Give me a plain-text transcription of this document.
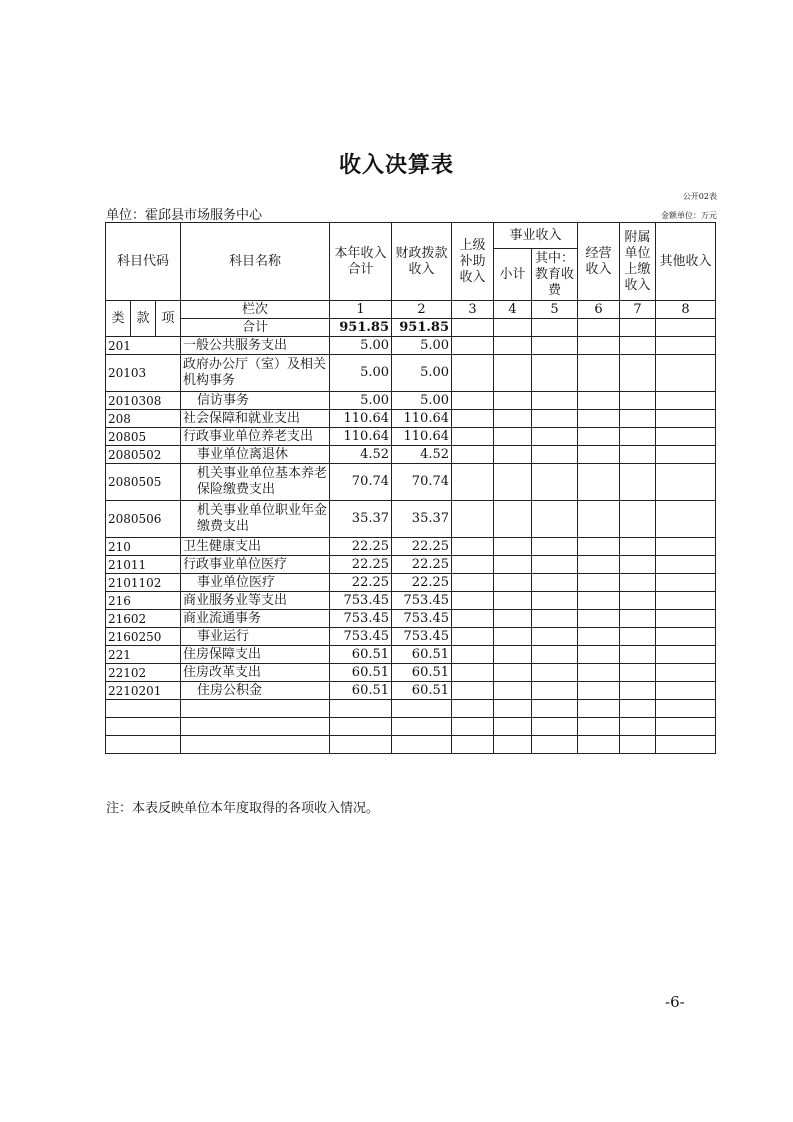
收入决算表
公开02表
单位：霍邱县市场服务中心	金额单位：万元
科目代码			科目名称	本年收入合计	财政拨款收入	上级补助收入	事业收入		经营收入	附属单位上缴收入	其他收入
							小计	其中：教育收费			

类	款	项	栏次	1	2	3	4	5	6	7	8
			合计	951.85	951.85						
201			一般公共服务支出	5.00	5.00						
20103			政府办公厅（室）及相关机构事务	5.00	5.00						
2010308			信访事务	5.00	5.00						
208			社会保障和就业支出	110.64	110.64						
20805			行政事业单位养老支出	110.64	110.64						
2080502			事业单位离退休	4.52	4.52						
2080505			机关事业单位基本养老保险缴费支出	70.74	70.74						
2080506			机关事业单位职业年金缴费支出	35.37	35.37						
210			卫生健康支出	22.25	22.25						
21011			行政事业单位医疗	22.25	22.25						
2101102			事业单位医疗	22.25	22.25						
216			商业服务业等支出	753.45	753.45						
21602			商业流通事务	753.45	753.45						
2160250			事业运行	753.45	753.45						
221			住房保障支出	60.51	60.51						
22102			住房改革支出	60.51	60.51						
2210201			住房公积金	60.51	60.51						

注：本表反映单位本年度取得的各项收入情况。
-6-
